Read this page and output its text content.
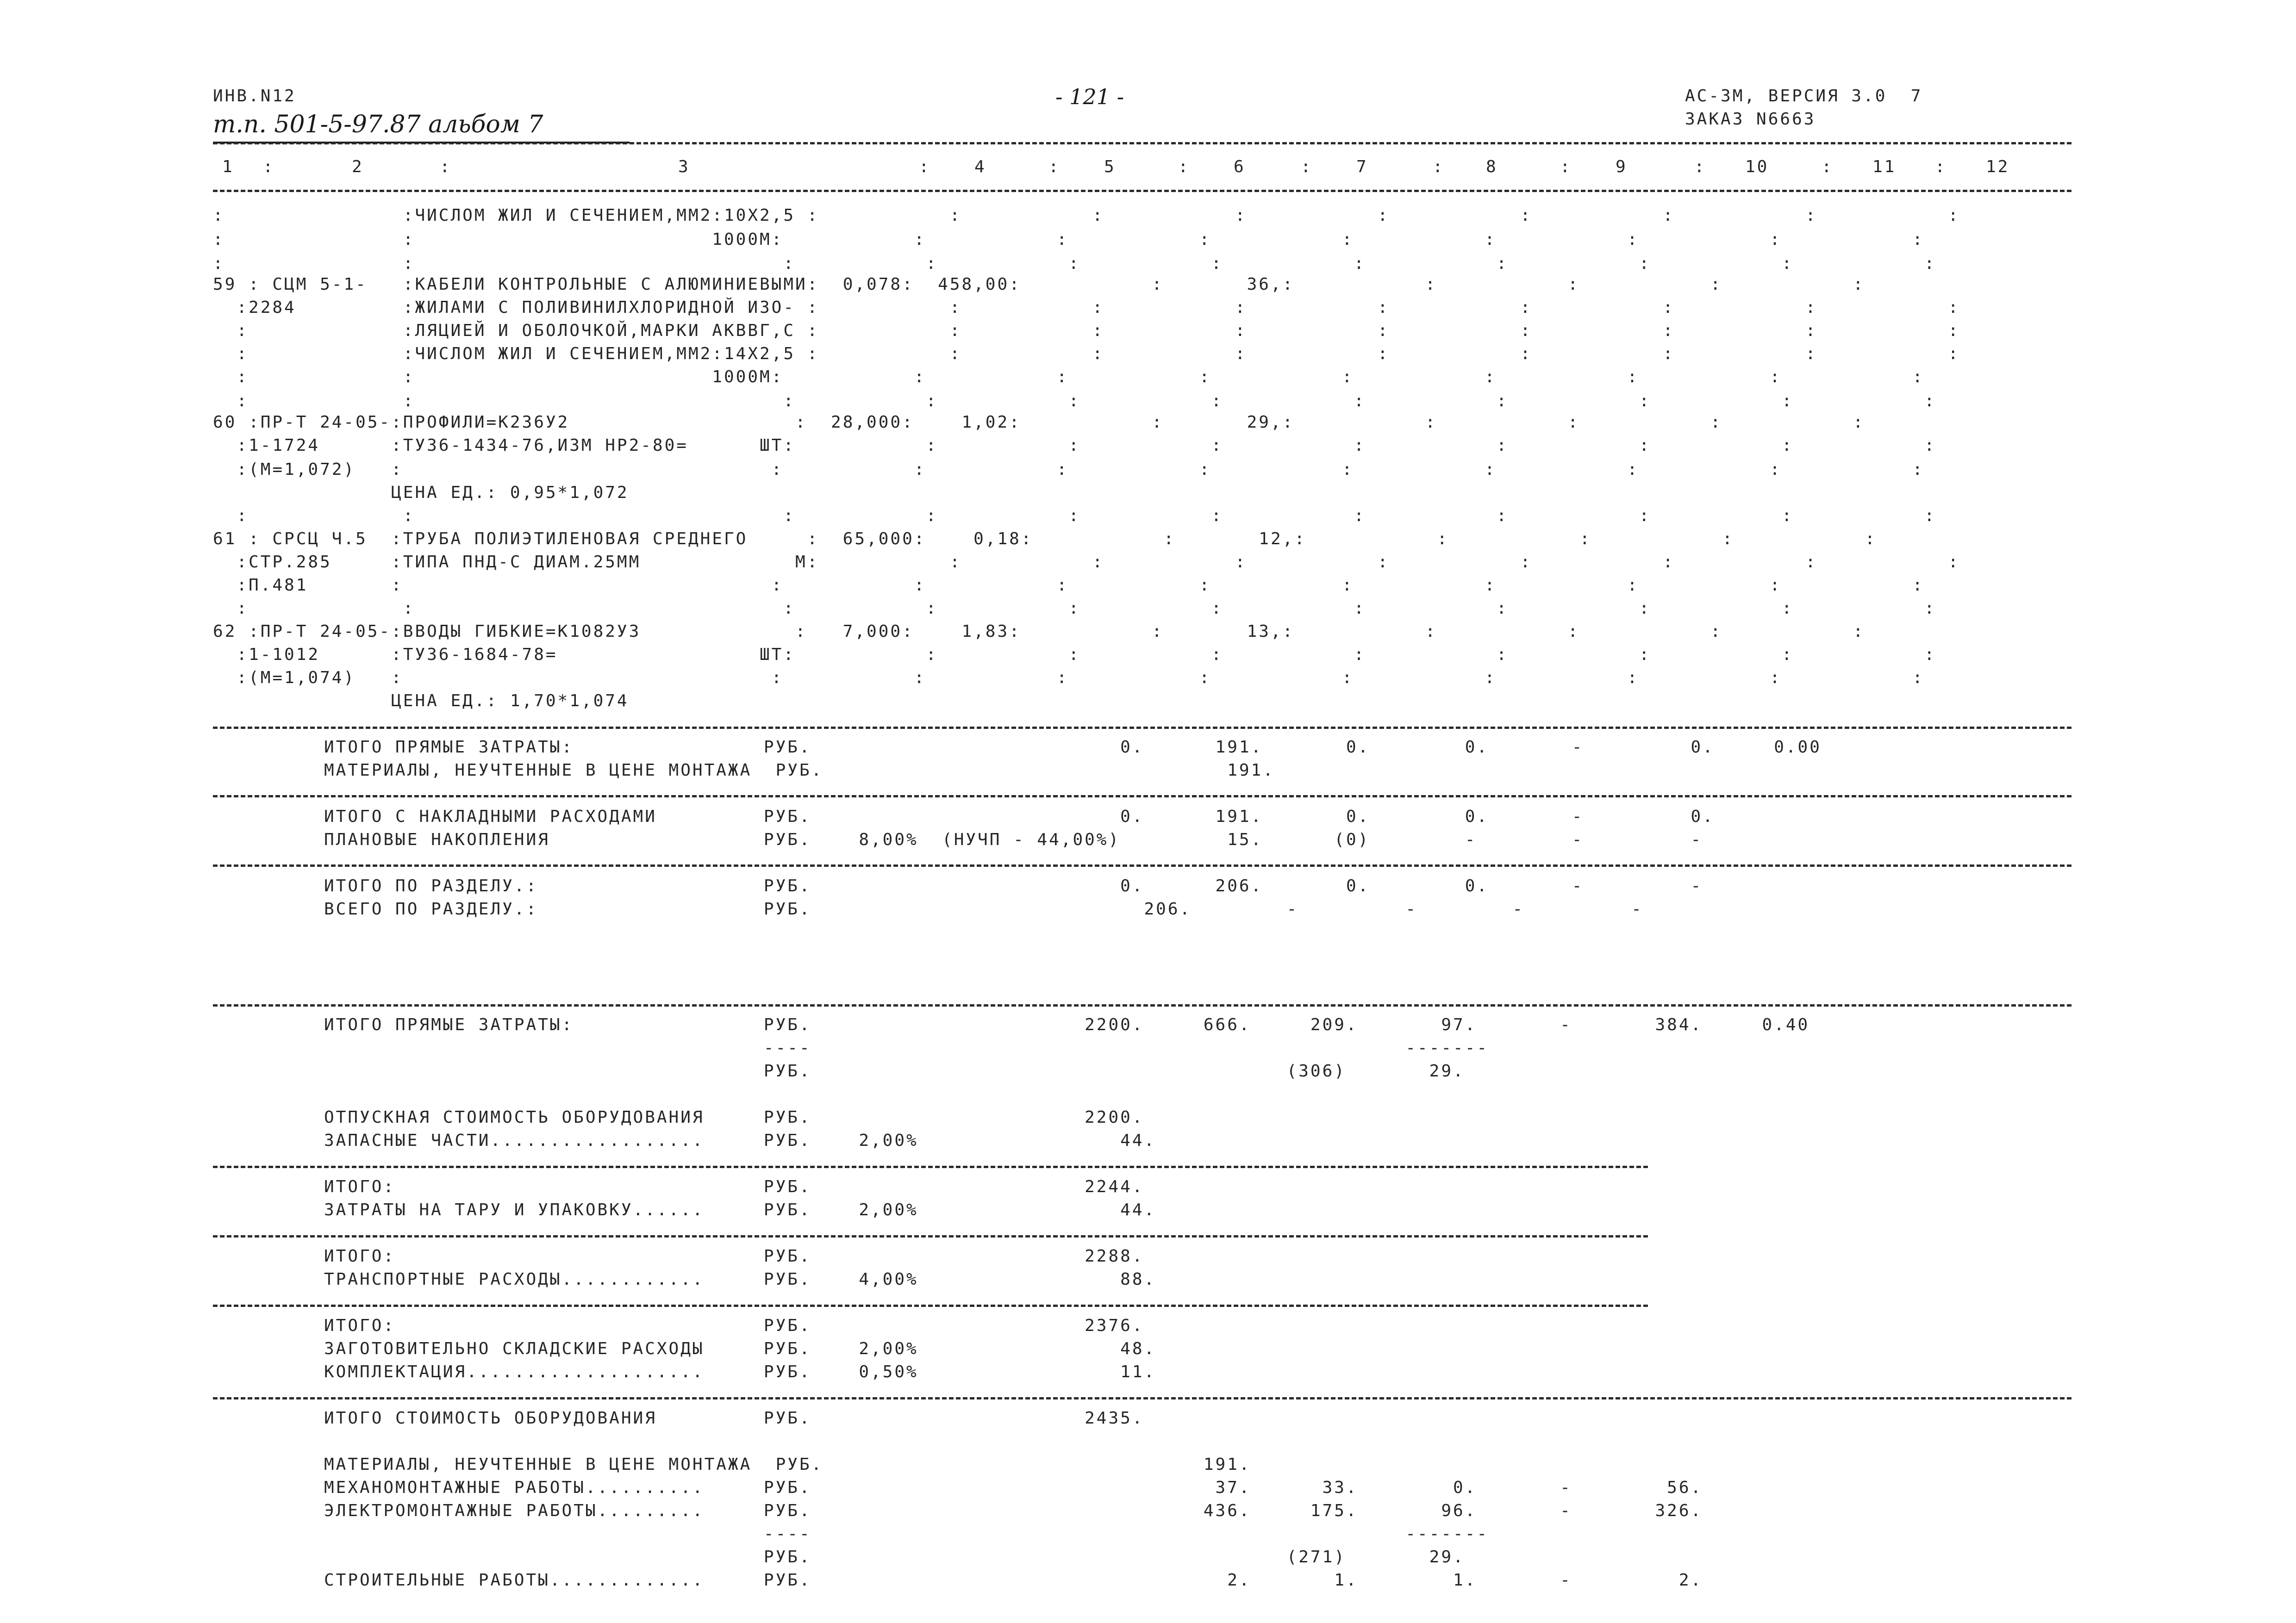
ИНВ.N12
т.п. 501-5-97.87 альбом 7
- 121 -	АС-3М, ВЕРСИЯ 3.0  7
ЗАКАЗ N6663
1 :	2	:	3	:	4	:	5	:	6	:	7	: 8	:	9	: 10	: 11 : 12
:               :ЧИСЛОМ ЖИЛ И СЕЧЕНИЕМ,ММ2:10X2,5 :           :           :           :           :           :           :           :           :
:               :                         1000М:           :           :           :           :           :           :           :           :
:               :                               :           :           :           :           :           :           :           :           :
59 : СЦМ 5-1-   :КАБЕЛИ КОНТРОЛЬНЫЕ С АЛЮМИНИЕВЫМИ:  0,078:  458,00:           :       36,:           :           :           :           :
:2284         :ЖИЛАМИ С ПОЛИВИНИЛХЛОРИДНОЙ ИЗО- :           :           :           :           :           :           :           :           :
:             :ЛЯЦИЕЙ И ОБОЛОЧКОЙ,МАРКИ АКВВГ,С :           :           :           :           :           :           :           :           :
:             :ЧИСЛОМ ЖИЛ И СЕЧЕНИЕМ,ММ2:14X2,5 :           :           :           :           :           :           :           :           :
:             :                         1000М:           :           :           :           :           :           :           :           :
:             :                               :           :           :           :           :           :           :           :           :
60 :ПР-Т 24-05-:ПРОФИЛИ=К236У2                   :  28,000:    1,02:           :       29,:           :           :           :           :
:1-1724      :ТУ36-1434-76,ИЗМ НР2-80=      ШТ:           :           :           :           :           :           :           :           :
:(М=1,072)   :                               :           :           :           :           :           :           :           :           :
ЦЕНА ЕД.: 0,95*1,072
:             :                               :           :           :           :           :           :           :           :           :
61 : СРСЦ Ч.5  :ТРУБА ПОЛИЭТИЛЕНОВАЯ СРЕДНЕГО     :  65,000:    0,18:           :       12,:           :           :           :           :
:СТР.285     :ТИПА ПНД-С ДИАМ.25ММ             М:           :           :           :           :           :           :           :           :
:П.481       :                               :           :           :           :           :           :           :           :           :
:             :                               :           :           :           :           :           :           :           :           :
62 :ПР-Т 24-05-:ВВОДЫ ГИБКИЕ=К1082У3             :   7,000:    1,83:           :       13,:           :           :           :           :
:1-1012      :ТУ36-1684-78=                 ШТ:           :           :           :           :           :           :           :           :
:(М=1,074)   :                               :           :           :           :           :           :           :           :           :
ЦЕНА ЕД.: 1,70*1,074
ИТОГО ПРЯМЫЕ ЗАТРАТЫ:                РУБ.                          0.      191.       0.        0.       -         0.     0.00
МАТЕРИАЛЫ, НЕУЧТЕННЫЕ В ЦЕНЕ МОНТАЖА  РУБ.                                  191.
ИТОГО С НАКЛАДНЫМИ РАСХОДАМИ         РУБ.                          0.      191.       0.        0.       -         0.
ПЛАНОВЫЕ НАКОПЛЕНИЯ                  РУБ.    8,00%  (НУЧП - 44,00%)         15.      (0)        -        -         -
ИТОГО ПО РАЗДЕЛУ.:                   РУБ.                          0.      206.       0.        0.       -         -
ВСЕГО ПО РАЗДЕЛУ.:                   РУБ.                            206.        -         -        -         -
ИТОГО ПРЯМЫЕ ЗАТРАТЫ:                РУБ.                       2200.     666.     209.       97.       -       384.     0.40
----                                                  -------
РУБ.                                        (306)       29.
ОТПУСКНАЯ СТОИМОСТЬ ОБОРУДОВАНИЯ     РУБ.                       2200.
ЗАПАСНЫЕ ЧАСТИ..................     РУБ.    2,00%                 44.
ИТОГО:                               РУБ.                       2244.
ЗАТРАТЫ НА ТАРУ И УПАКОВКУ......     РУБ.    2,00%                 44.
ИТОГО:                               РУБ.                       2288.
ТРАНСПОРТНЫЕ РАСХОДЫ............     РУБ.    4,00%                 88.
ИТОГО:                               РУБ.                       2376.
ЗАГОТОВИТЕЛЬНО СКЛАДСКИЕ РАСХОДЫ     РУБ.    2,00%                 48.
КОМПЛЕКТАЦИЯ....................     РУБ.    0,50%                 11.
ИТОГО СТОИМОСТЬ ОБОРУДОВАНИЯ         РУБ.                       2435.
МАТЕРИАЛЫ, НЕУЧТЕННЫЕ В ЦЕНЕ МОНТАЖА  РУБ.                                191.
МЕХАНОМОНТАЖНЫЕ РАБОТЫ..........     РУБ.                                  37.      33.        0.       -        56.
ЭЛЕКТРОМОНТАЖНЫЕ РАБОТЫ.........     РУБ.                                 436.     175.       96.       -       326.
----                                                  -------
РУБ.                                        (271)       29.
СТРОИТЕЛЬНЫЕ РАБОТЫ.............     РУБ.                                   2.       1.        1.       -         2.
